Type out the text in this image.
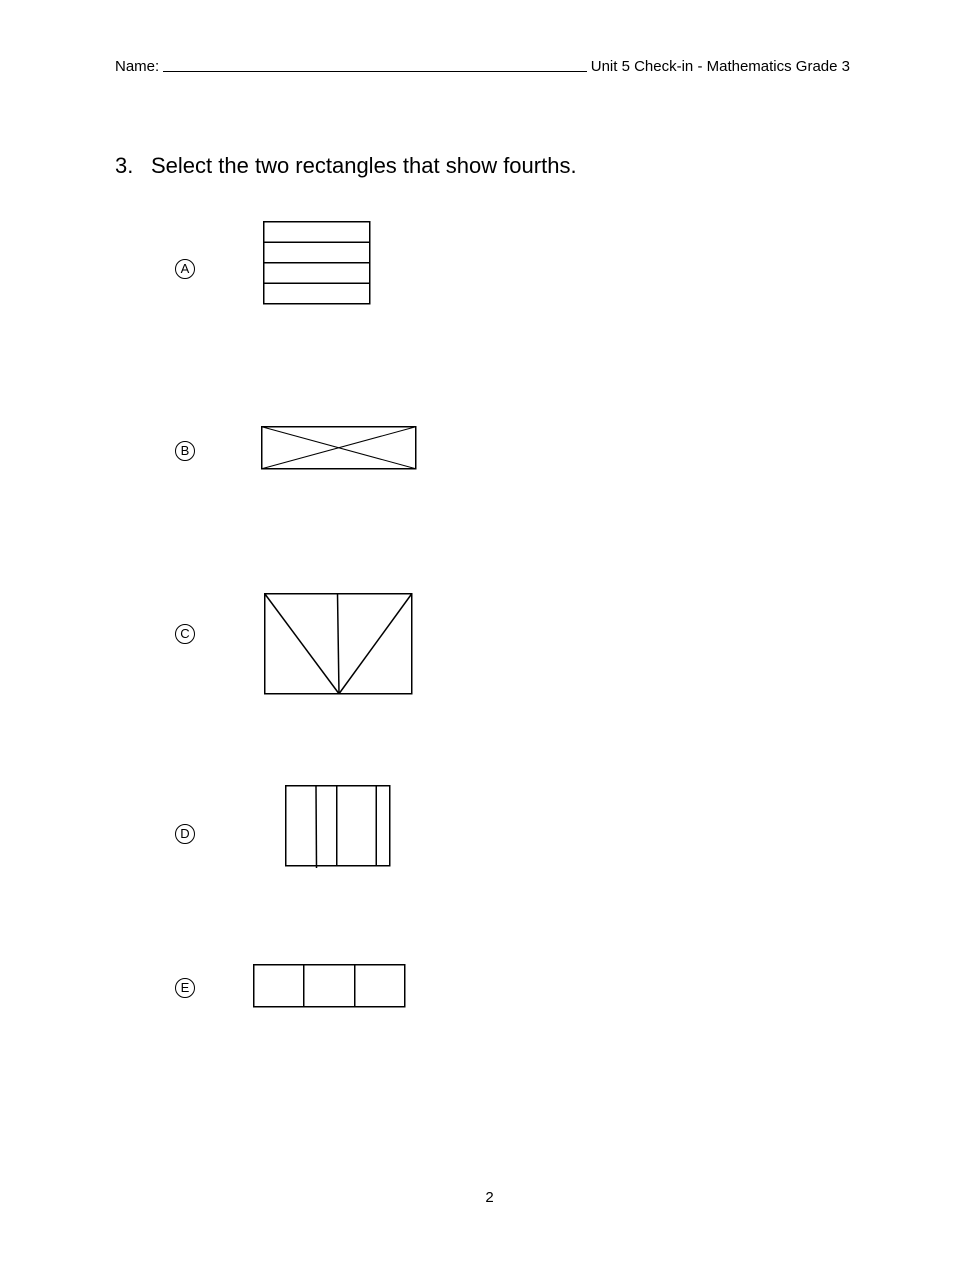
Name:	Unit 5 Check-in - Mathematics Grade 3
3. Select the two rectangles that show fourths.
A
B
C
D
E
2
